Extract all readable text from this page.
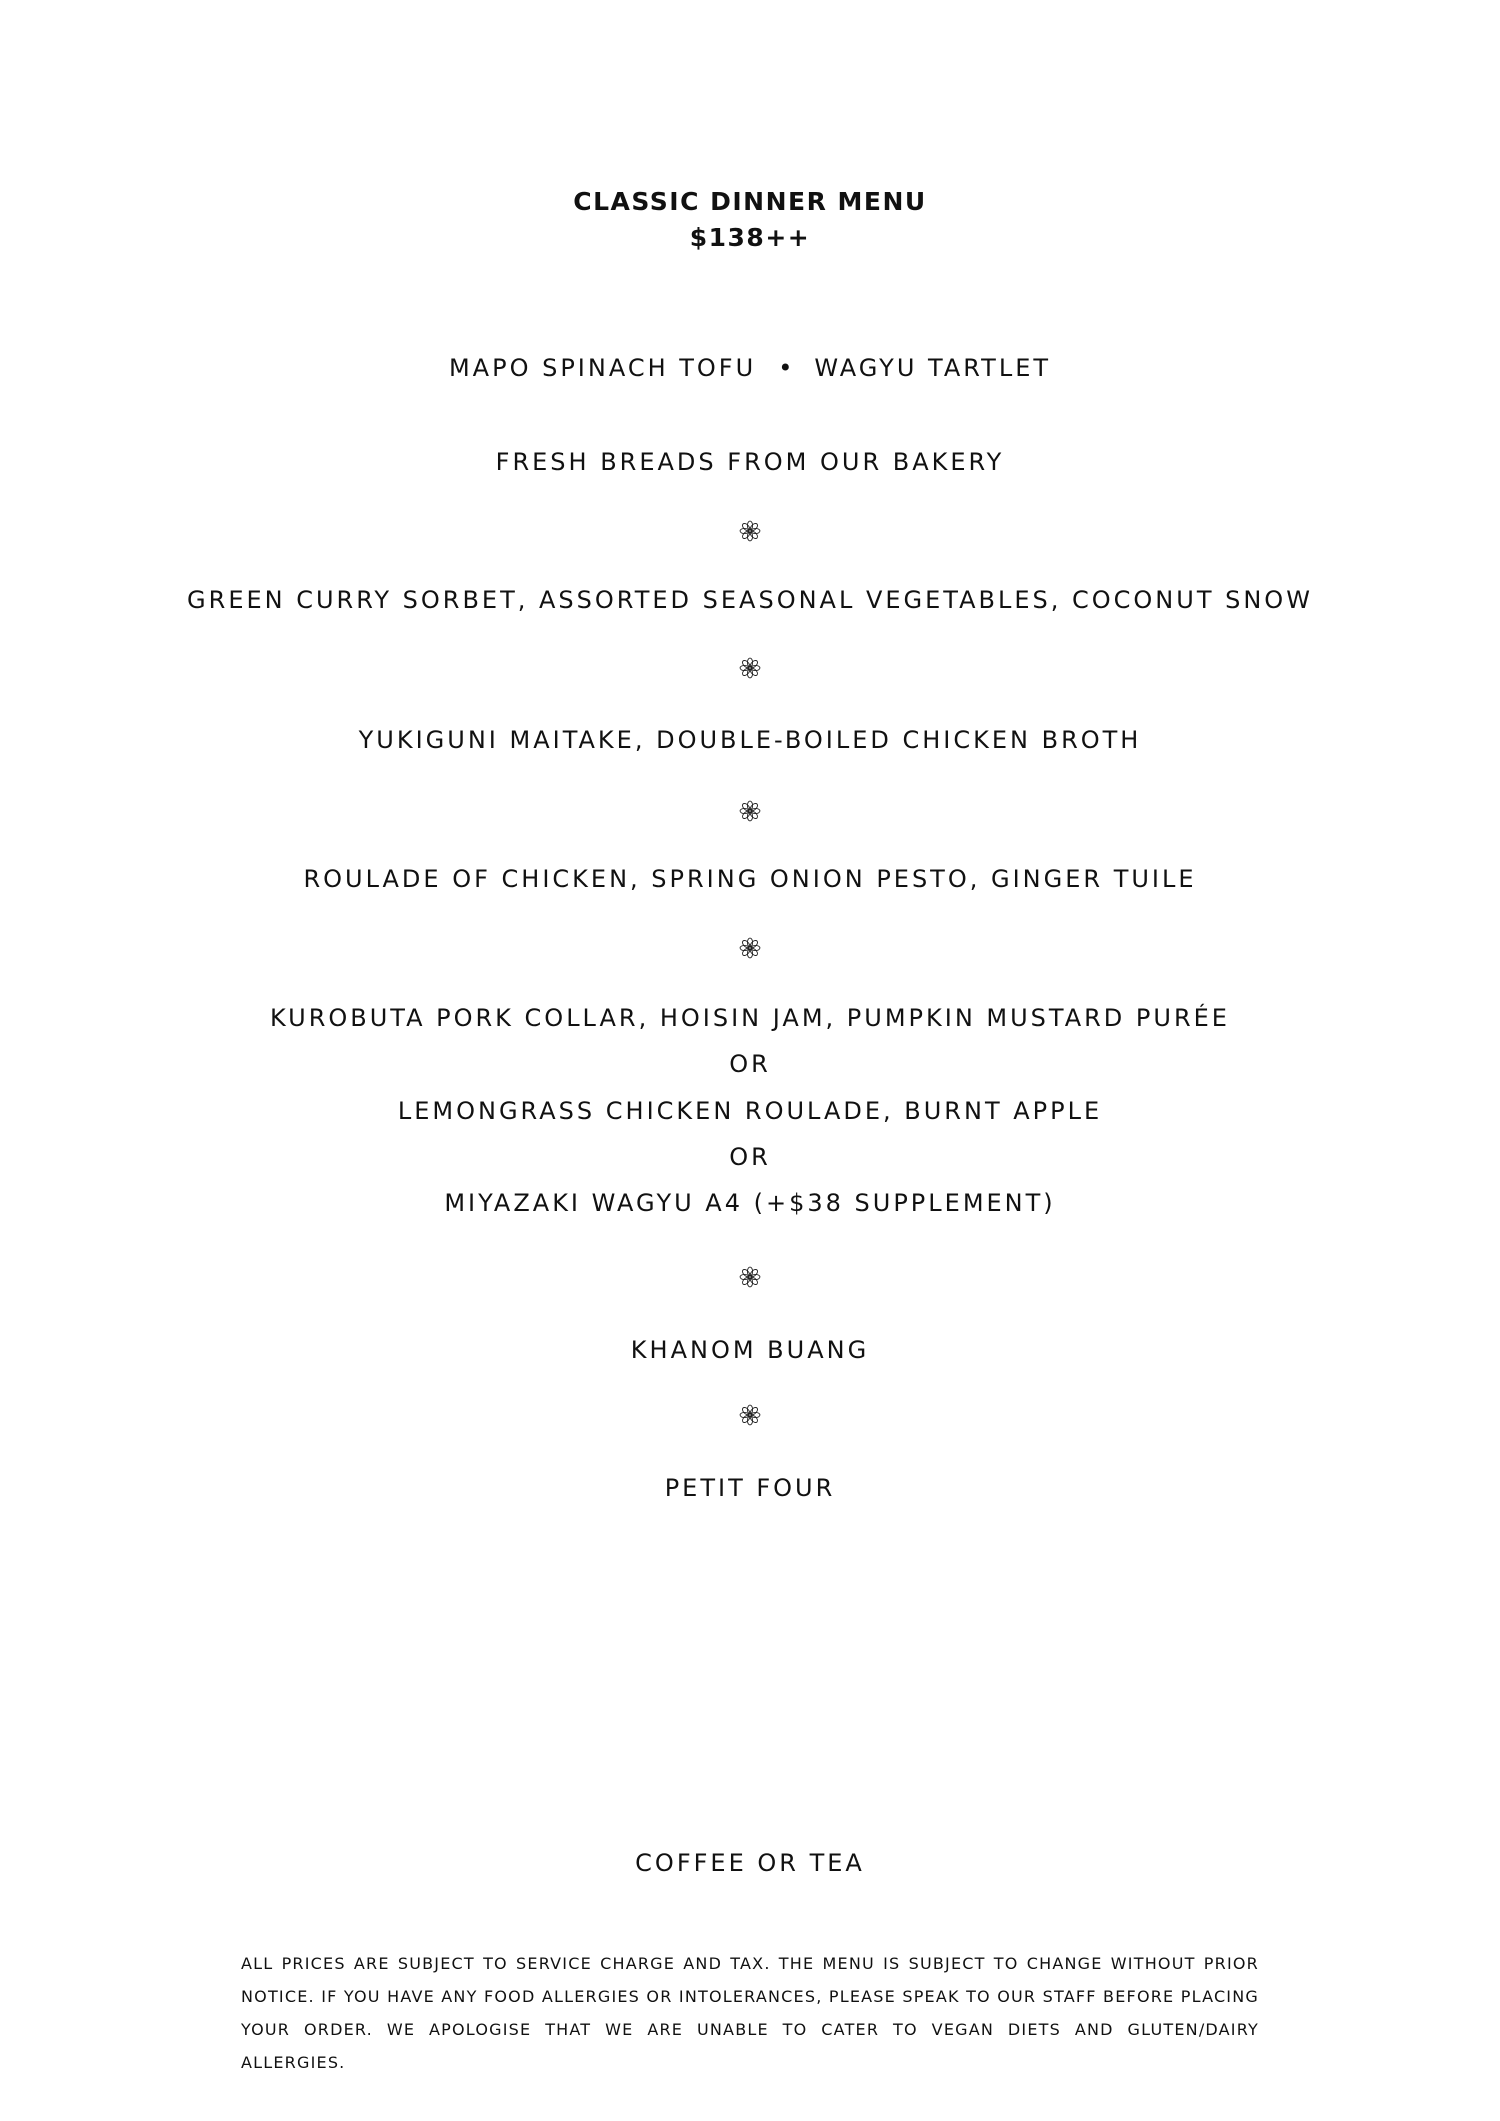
CLASSIC DINNER MENU
$138++
MAPO SPINACH TOFU • WAGYU TARTLET
FRESH BREADS FROM OUR BAKERY
GREEN CURRY SORBET, ASSORTED SEASONAL VEGETABLES, COCONUT SNOW
YUKIGUNI MAITAKE, DOUBLE-BOILED CHICKEN BROTH
ROULADE OF CHICKEN, SPRING ONION PESTO, GINGER TUILE
KUROBUTA PORK COLLAR, HOISIN JAM, PUMPKIN MUSTARD PURÉE
OR
LEMONGRASS CHICKEN ROULADE, BURNT APPLE
OR
MIYAZAKI WAGYU A4 (+$38 SUPPLEMENT)
KHANOM BUANG
PETIT FOUR
COFFEE OR TEA
ALL PRICES ARE SUBJECT TO SERVICE CHARGE AND TAX. THE MENU IS SUBJECT TO CHANGE WITHOUT PRIOR
NOTICE. IF YOU HAVE ANY FOOD ALLERGIES OR INTOLERANCES, PLEASE SPEAK TO OUR STAFF BEFORE PLACING
YOUR ORDER. WE APOLOGISE THAT WE ARE UNABLE TO CATER TO VEGAN DIETS AND GLUTEN/DAIRY ALLERGIES.
